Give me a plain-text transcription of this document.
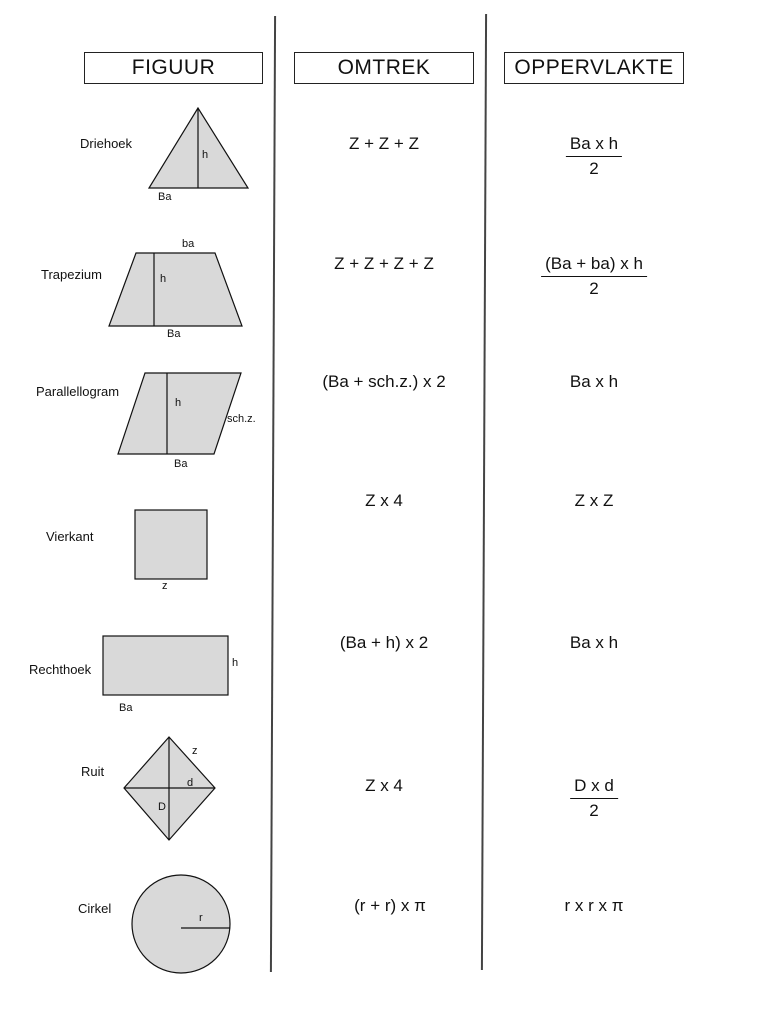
FIGUUR	OMTREK	OPPERVLAKTE
Driehoek
Trapezium
Parallellogram
Vierkant
Rechthoek
Ruit
Cirkel
h
Ba
ba
h
Ba
h
sch.z.
Ba
z
h
Ba
z
d
D
r
Z + Z + Z
Z + Z + Z + Z
(Ba + sch.z.) x 2
Z x 4
(Ba + h) x 2
Z x 4
(r + r) x π
$\frac{\text{Ba x h}}{2}$
$\frac{\text{(Ba + ba) x h}}{2}$
Ba x h
Z x Z
Ba x h
$\frac{\text{D x d}}{2}$
r x r x π
